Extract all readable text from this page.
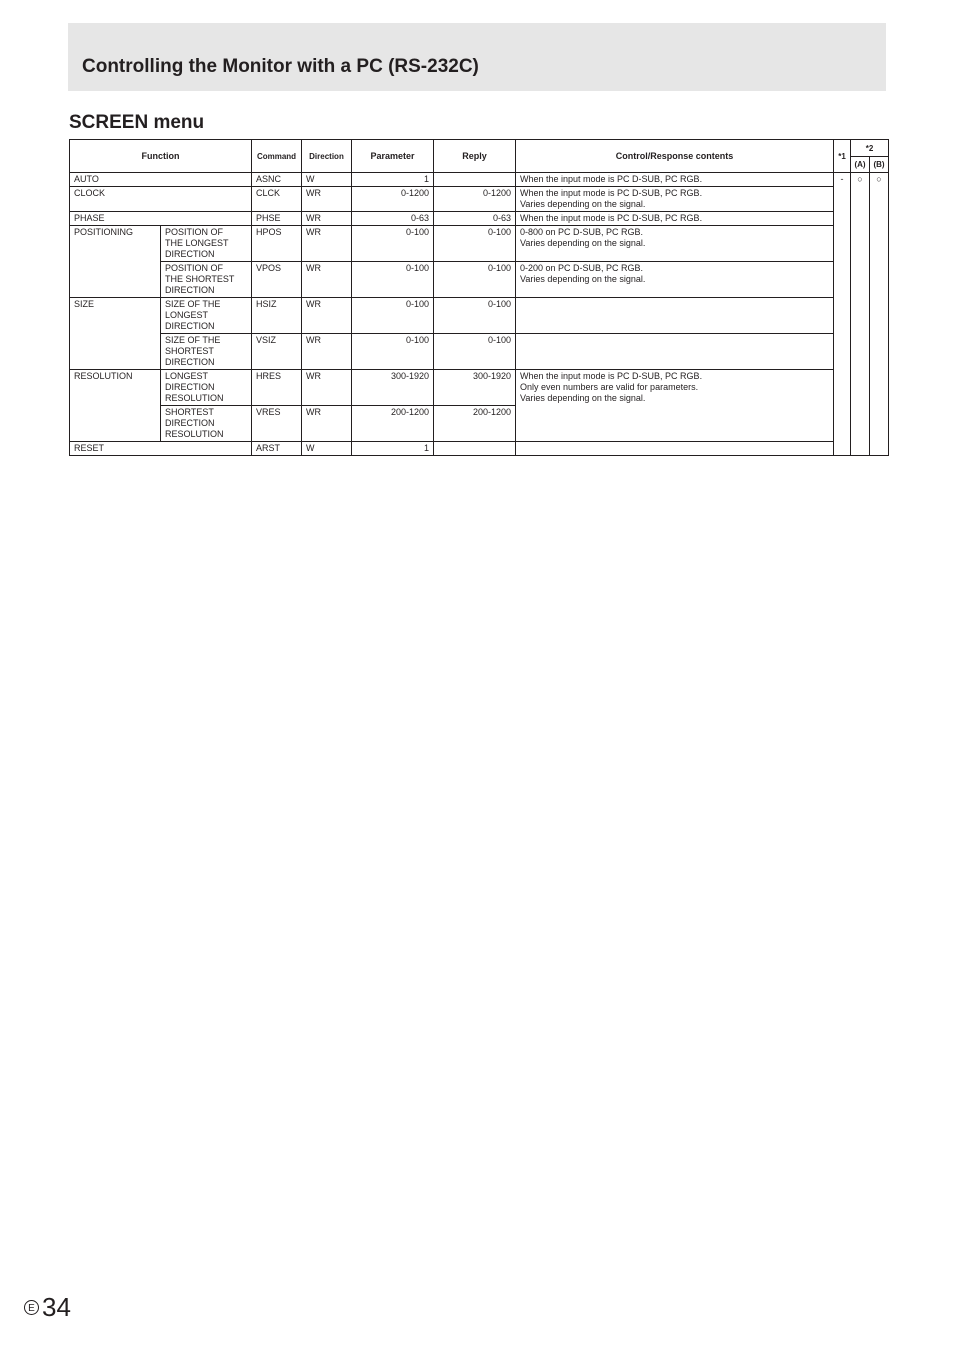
Controlling the Monitor with a PC (RS-232C)
SCREEN menu
Function		Command	Direction	Parameter	Reply	Control/Response contents	*1	*2	
								(A)	(B)
AUTO		ASNC	W	1		When the input mode is PC D-SUB, PC RGB.	-	○	○
CLOCK		CLCK	WR	0-1200	0-1200	When the input mode is PC D-SUB, PC RGB.
Varies depending on the signal.			

PHASE		PHSE	WR	0-63	0-63	When the input mode is PC D-SUB, PC RGB.			

POSITIONING	POSITION OF
THE LONGEST
DIRECTION	HPOS	WR	0-100	0-100	0-800 on PC D-SUB, PC RGB.
Varies depending on the signal.			

	POSITION OF
THE SHORTEST
DIRECTION	VPOS	WR	0-100	0-100	0-200 on PC D-SUB, PC RGB.
Varies depending on the signal.			

SIZE	SIZE OF THE
LONGEST
DIRECTION	HSIZ	WR	0-100	0-100				

	SIZE OF THE
SHORTEST
DIRECTION	VSIZ	WR	0-100	0-100				
RESOLUTION	LONGEST
DIRECTION
RESOLUTION	HRES	WR	300-1920	300-1920	When the input mode is PC D-SUB, PC RGB.
Only even numbers are valid for parameters.
Varies depending on the signal.			

	SHORTEST
DIRECTION
RESOLUTION	VRES	WR	200-1200	200-1200				
RESET		ARST	W	1					
E 34
